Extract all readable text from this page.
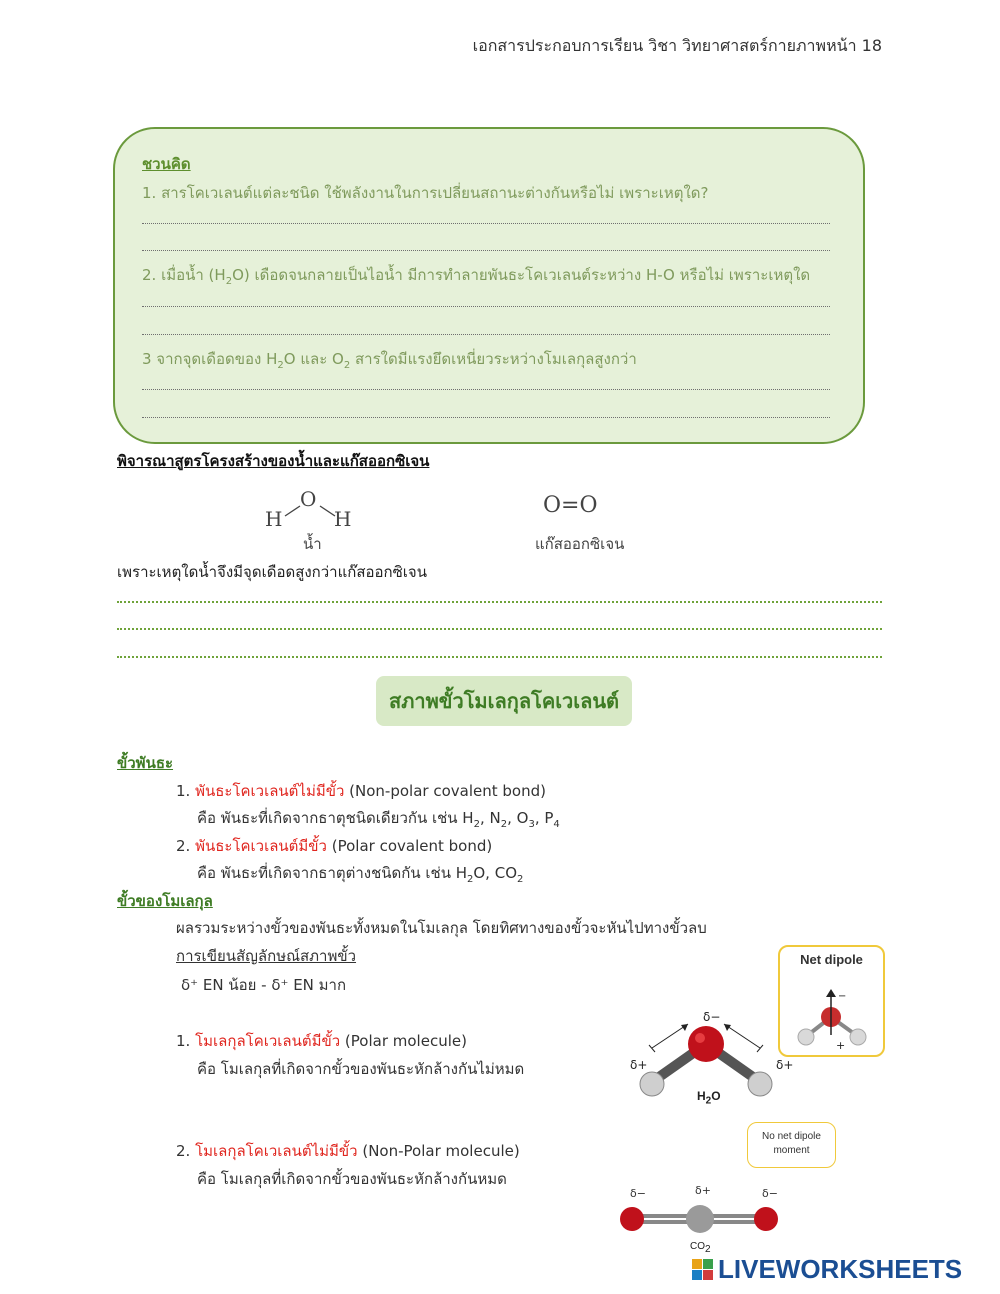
เอกสารประกอบการเรียน วิชา วิทยาศาสตร์กายภาพหน้า 18
ชวนคิด
1. สารโคเวเลนต์แต่ละชนิด ใช้พลังงานในการเปลี่ยนสถานะต่างกันหรือไม่ เพราะเหตุใด?
2. เมื่อน้ำ $(H_2O)$ เดือดจนกลายเป็นไอน้ำ มีการทำลายพันธะโคเวเลนต์ระหว่าง H-O หรือไม่ เพราะเหตุใด
3 จากจุดเดือดของ $H_2O$ และ $O_2$ สารใดมีแรงยึดเหนี่ยวระหว่างโมเลกุลสูงกว่า
พิจารณาสูตรโครงสร้างของน้ำและแก๊สออกซิเจน
O
H	H
น้ำ
O=O
แก๊สออกซิเจน
เพราะเหตุใดน้ำจึงมีจุดเดือดสูงกว่าแก๊สออกซิเจน
สภาพขั้วโมเลกุลโคเวเลนต์
ขั้วพันธะ
1. พันธะโคเวเลนต์ไม่มีขั้ว (Non-polar covalent bond)
คือ พันธะที่เกิดจากธาตุชนิดเดียวกัน เช่น $H_2$, $N_2$, $O_3$, $P_4$
2. พันธะโคเวเลนต์มีขั้ว (Polar covalent bond)
คือ พันธะที่เกิดจากธาตุต่างชนิดกัน เช่น $H_2O$, $CO_2$
ขั้วของโมเลกุล
ผลรวมระหว่างขั้วของพันธะทั้งหมดในโมเลกุล โดยทิศทางของขั้วจะหันไปทางขั้วลบ
การเขียนสัญลักษณ์สภาพขั้ว
δ⁺ EN น้อย - δ⁺ EN มาก
1. โมเลกุลโคเวเลนต์มีขั้ว (Polar molecule)
คือ โมเลกุลที่เกิดจากขั้วของพันธะหักล้างกันไม่หมด
2. โมเลกุลโคเวเลนต์ไม่มีขั้ว (Non-Polar molecule)
คือ โมเลกุลที่เกิดจากขั้วของพันธะหักล้างกันหมด
Net dipole
−
+
δ−
δ+	δ+
$H_2O$
No net dipole moment
δ−	δ+	δ−
$CO_2$
LIVEWORKSHEETS
